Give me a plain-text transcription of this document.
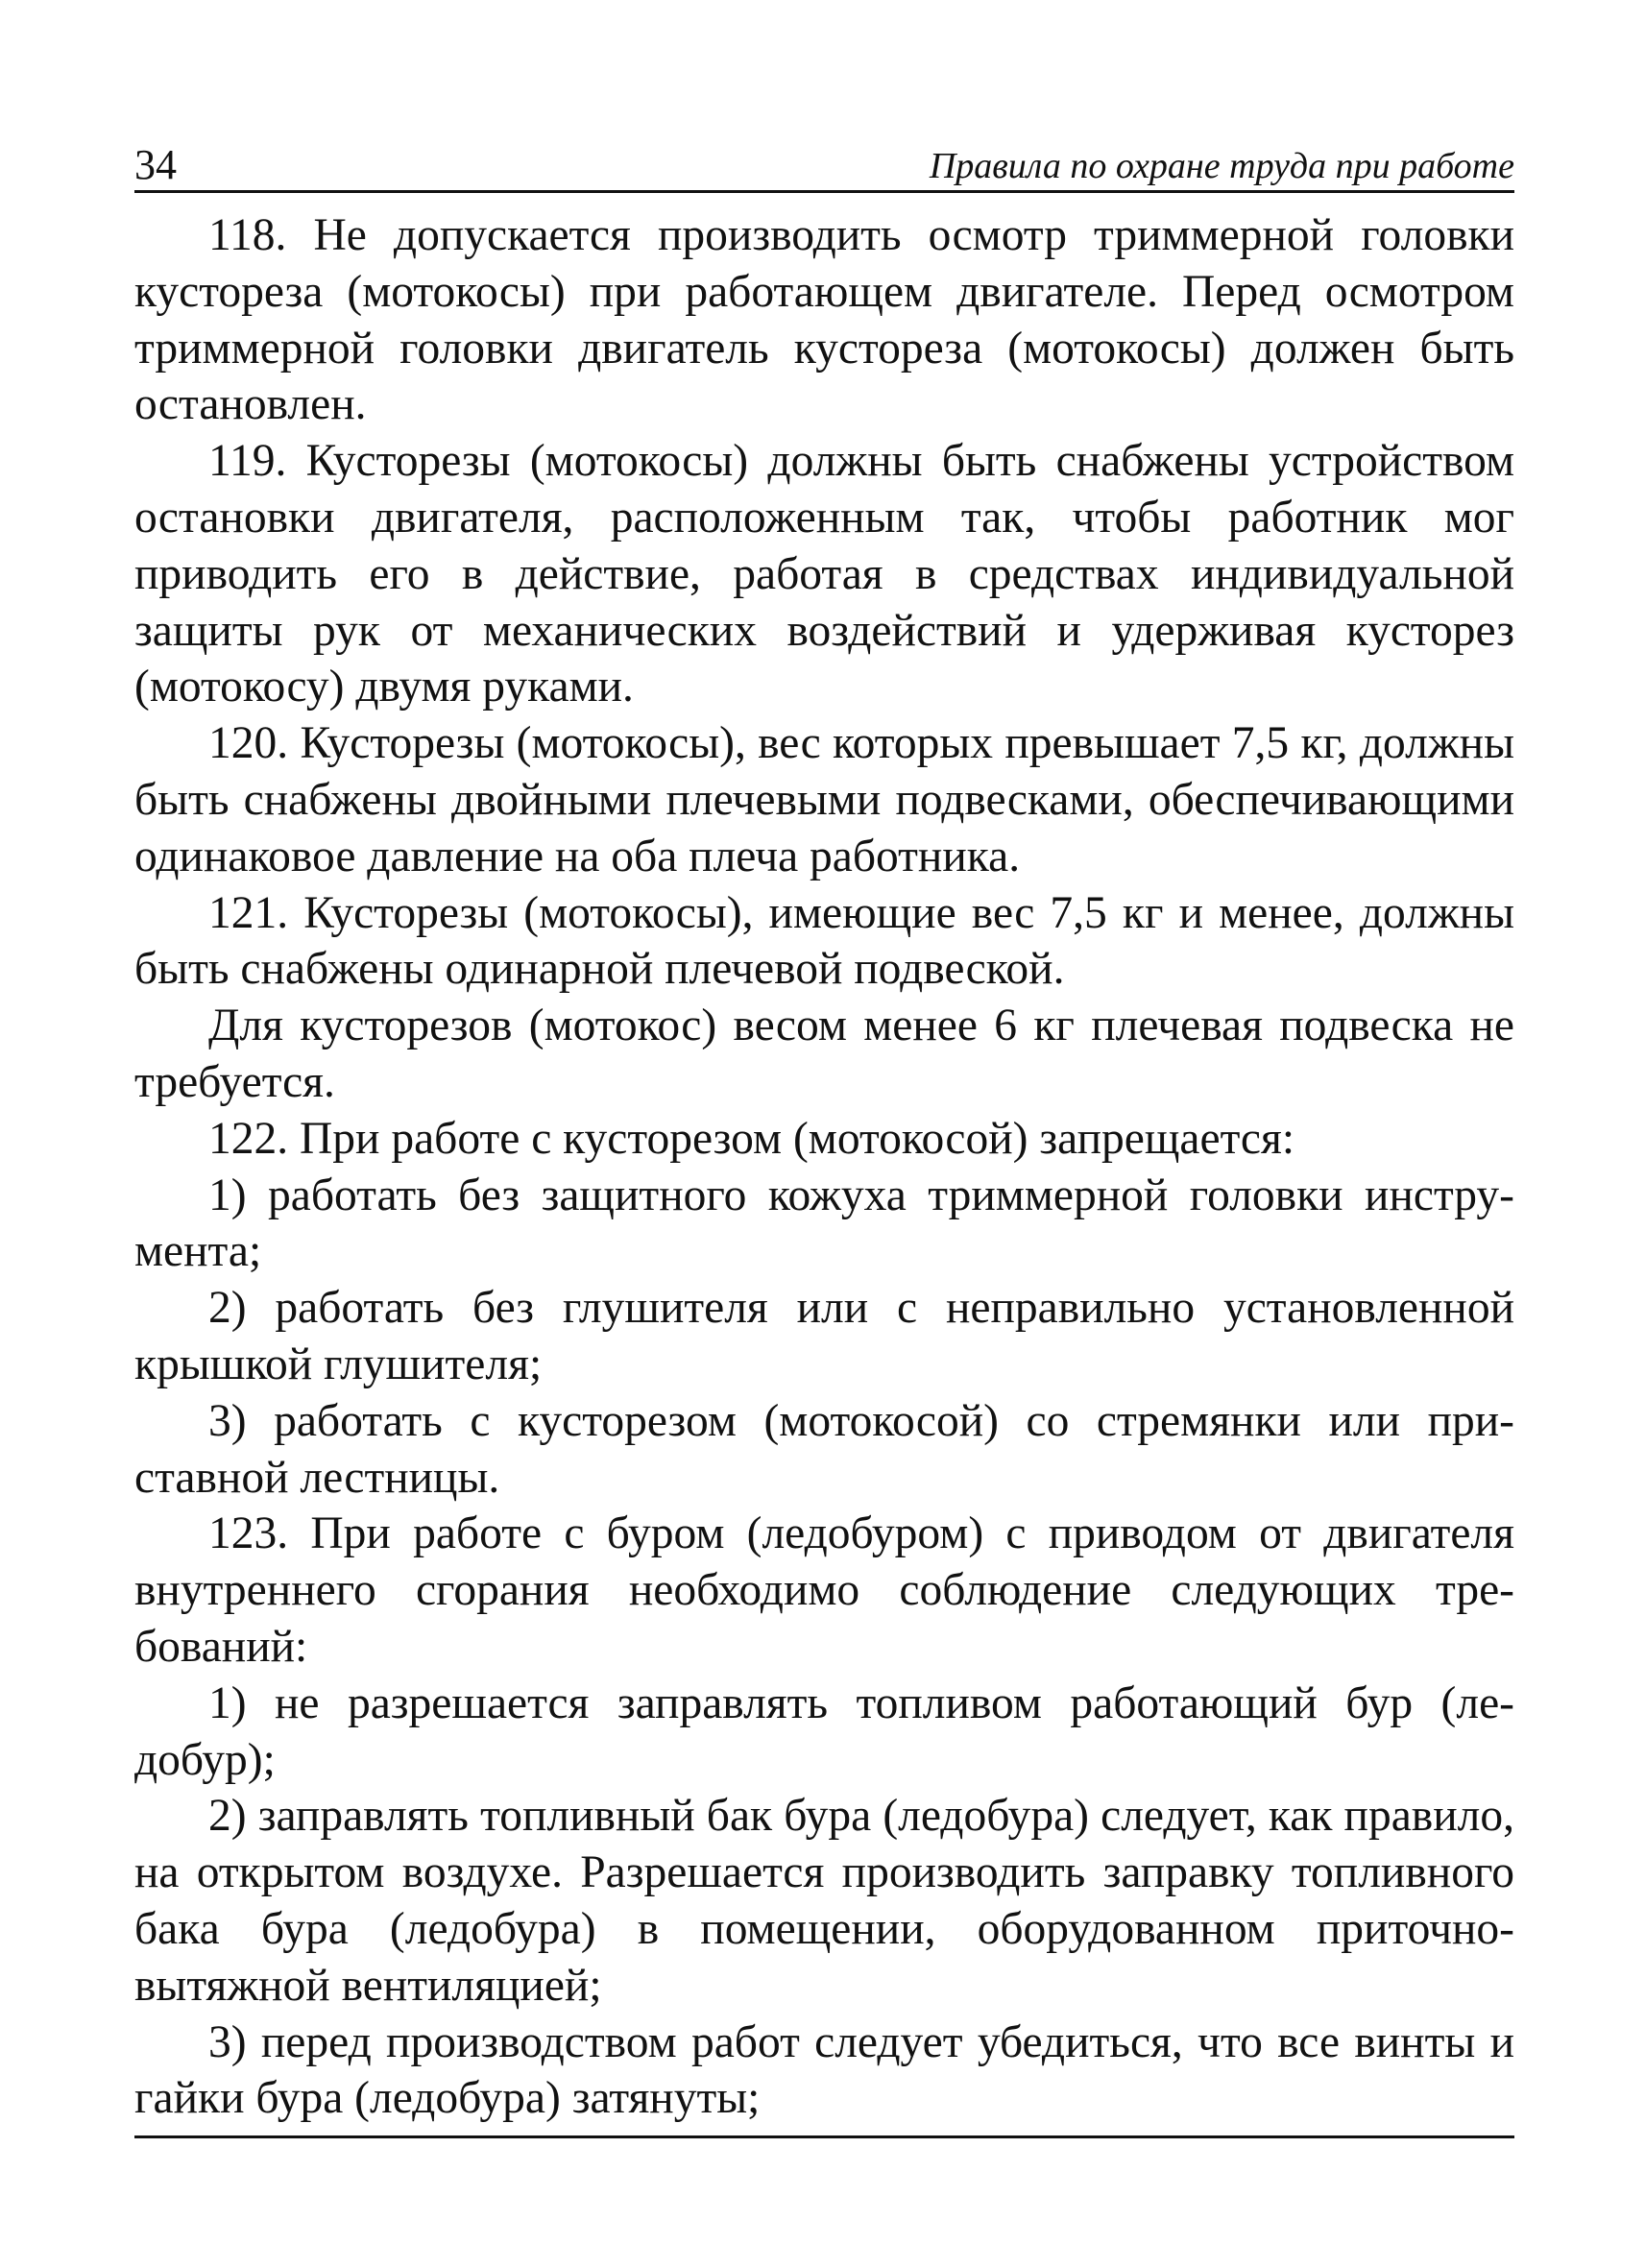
34	Правила по охране труда при работе

118. Не допускается производить осмотр триммерной головки кустореза (мотокосы) при работающем двигателе. Перед осмотром триммерной головки двигатель кустореза (мотокосы) должен быть остановлен.

119. Кусторезы (мотокосы) должны быть снабжены устройством остановки двигателя, расположенным так, чтобы работник мог приводить его в действие, работая в средствах индивидуальной защиты рук от механических воздействий и удерживая кусторез (мотокосу) двумя руками.

120. Кусторезы (мотокосы), вес которых превышает 7,5 кг, должны быть снабжены двойными плечевыми подвесками, обеспечивающими одинаковое давление на оба плеча работника.

121. Кусторезы (мотокосы), имеющие вес 7,5 кг и менее, должны быть снабжены одинарной плечевой подвеской.

Для кусторезов (мотокос) весом менее 6 кг плечевая подвеска не требуется.

122. При работе с кусторезом (мотокосой) запрещается:

1) работать без защитного кожуха триммерной головки инструмента;

2) работать без глушителя или с неправильно установленной крышкой глушителя;

3) работать с кусторезом (мотокосой) со стремянки или приставной лестницы.

123. При работе с буром (ледобуром) с приводом от двигателя внутреннего сгорания необходимо соблюдение следующих требований:

1) не разрешается заправлять топливом работающий бур (ледобур);

2) заправлять топливный бак бура (ледобура) следует, как правило, на открытом воздухе. Разрешается производить заправку топливного бака бура (ледобура) в помещении, оборудованном приточно-вытяжной вентиляцией;

3) перед производством работ следует убедиться, что все винты и гайки бура (ледобура) затянуты;
